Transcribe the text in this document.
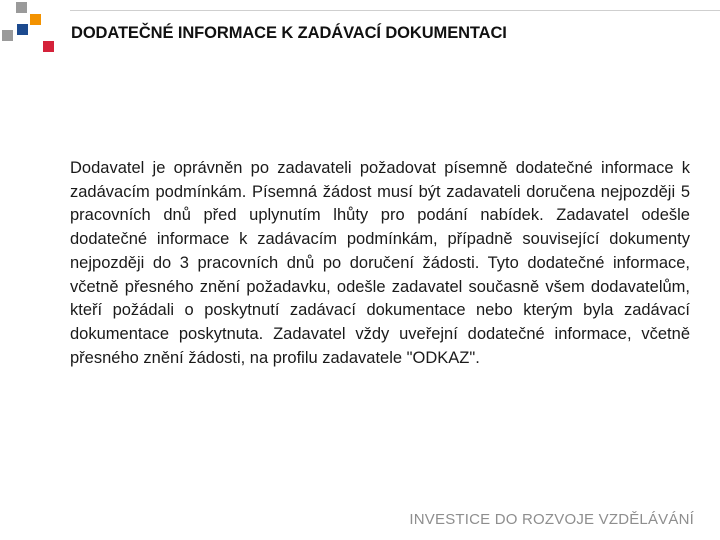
DODATEČNÉ INFORMACE K ZADÁVACÍ DOKUMENTACI

Dodavatel je oprávněn po zadavateli požadovat písemně dodatečné informace k zadávacím podmínkám. Písemná žádost musí být zadavateli doručena nejpozději 5 pracovních dnů před uplynutím lhůty pro podání nabídek. Zadavatel odešle dodatečné informace k zadávacím podmínkám, případně související dokumenty nejpozději do 3 pracovních dnů po doručení žádosti. Tyto dodatečné informace, včetně přesného znění požadavku, odešle zadavatel současně všem dodavatelům, kteří požádali o poskytnutí zadávací dokumentace nebo kterým byla zadávací dokumentace poskytnuta. Zadavatel vždy uveřejní dodatečné informace, včetně přesného znění žádosti, na profilu zadavatele "ODKAZ".

INVESTICE DO ROZVOJE VZDĚLÁVÁNÍ
